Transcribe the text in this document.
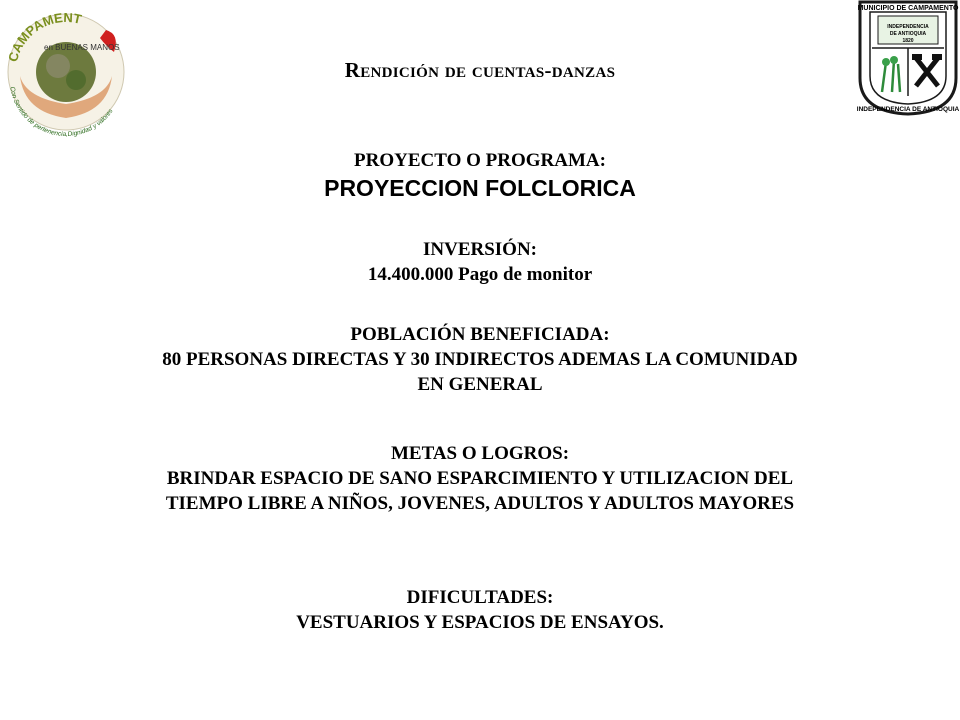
CAMPAMENT
en BUENAS MANOS
Con Sentido de pertenencia,Dignidad y valores
MUNICIPIO DE CAMPAMENTO
INDEPENDENCIA DE ANTIOQUIA
INDEPENDENCIA
DE ANTIOQUIA
1820
Rendición de cuentas-danzas
PROYECTO O PROGRAMA:
PROYECCION FOLCLORICA
INVERSIÓN:
14.400.000 Pago de monitor
POBLACIÓN BENEFICIADA:
80 PERSONAS DIRECTAS Y 30 INDIRECTOS ADEMAS LA COMUNIDAD
EN GENERAL
METAS O LOGROS:
BRINDAR ESPACIO DE SANO ESPARCIMIENTO Y UTILIZACION DEL
TIEMPO LIBRE A NIÑOS, JOVENES, ADULTOS Y ADULTOS MAYORES
DIFICULTADES:
VESTUARIOS Y ESPACIOS DE ENSAYOS.
